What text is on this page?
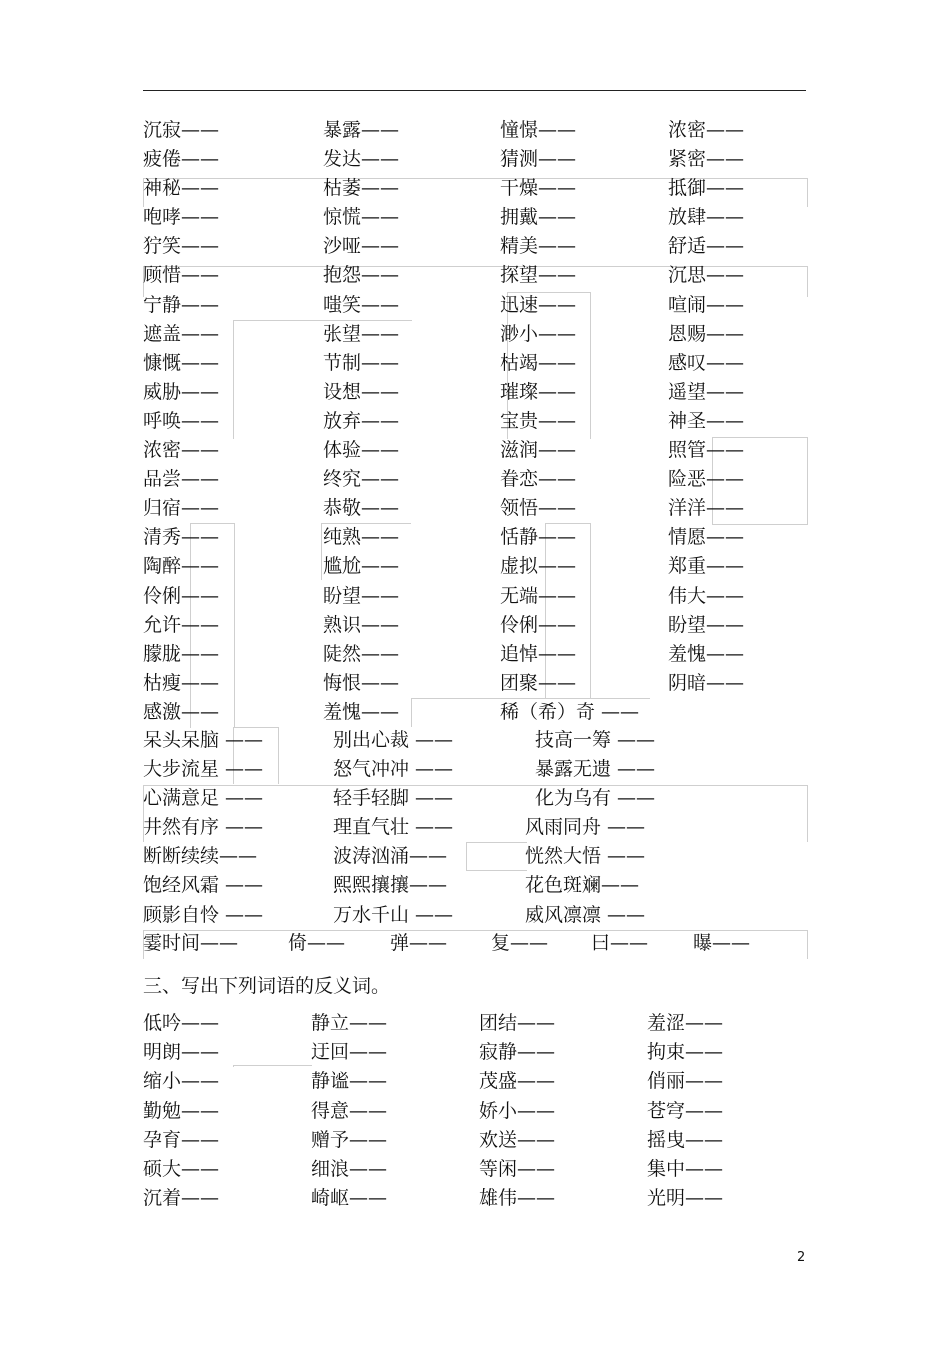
沉寂——	暴露——	憧憬——	浓密——
疲倦——	发达——	猜测——	紧密——
神秘——	枯萎——	干燥——	抵御——
咆哮——	惊慌——	拥戴——	放肆——
狞笑——	沙哑——	精美——	舒适——
顾惜——	抱怨——	探望——	沉思——
宁静——	嗤笑——	迅速——	喧闹——
遮盖——	张望——	渺小——	恩赐——
慷慨——	节制——	枯竭——	感叹——
威胁——	设想——	璀璨——	遥望——
呼唤——	放弃——	宝贵——	神圣——
浓密——	体验——	滋润——	照管——
品尝——	终究——	眷恋——	险恶——
归宿——	恭敬——	领悟——	洋洋——
清秀——	纯熟——	恬静——	情愿——
陶醉——	尴尬——	虚拟——	郑重——
伶俐——	盼望——	无端——	伟大——
允许——	熟识——	伶俐——	盼望——
朦胧——	陡然——	追悼——	羞愧——
枯瘦——	悔恨——	团聚——	阴暗——
感激——	羞愧——	稀（希）奇 ——
呆头呆脑 ——	别出心裁 ——	技高一筹 ——
大步流星 ——	怒气冲冲 ——	暴露无遗 ——
心满意足 ——	轻手轻脚 ——	化为乌有 ——
井然有序 ——	理直气壮 ——	风雨同舟 ——
断断续续——	波涛汹涌——	恍然大悟 ——
饱经风霜 ——	熙熙攘攘——	花色斑斓——
顾影自怜 ——	万水千山 ——	威风凛凛 ——
霎时间——	倚—— 弹—— 复—— 曰—— 曝——
三、写出下列词语的反义词。
低吟——	静立——	团结——	羞涩——
明朗——	迂回——	寂静——	拘束——
缩小——	静谧——	茂盛——	俏丽——
勤勉——	得意——	娇小——	苍穹——
孕育——	赠予——	欢送——	摇曳——
硕大——	细浪——	等闲——	集中——
沉着——	崎岖——	雄伟——	光明——
2
